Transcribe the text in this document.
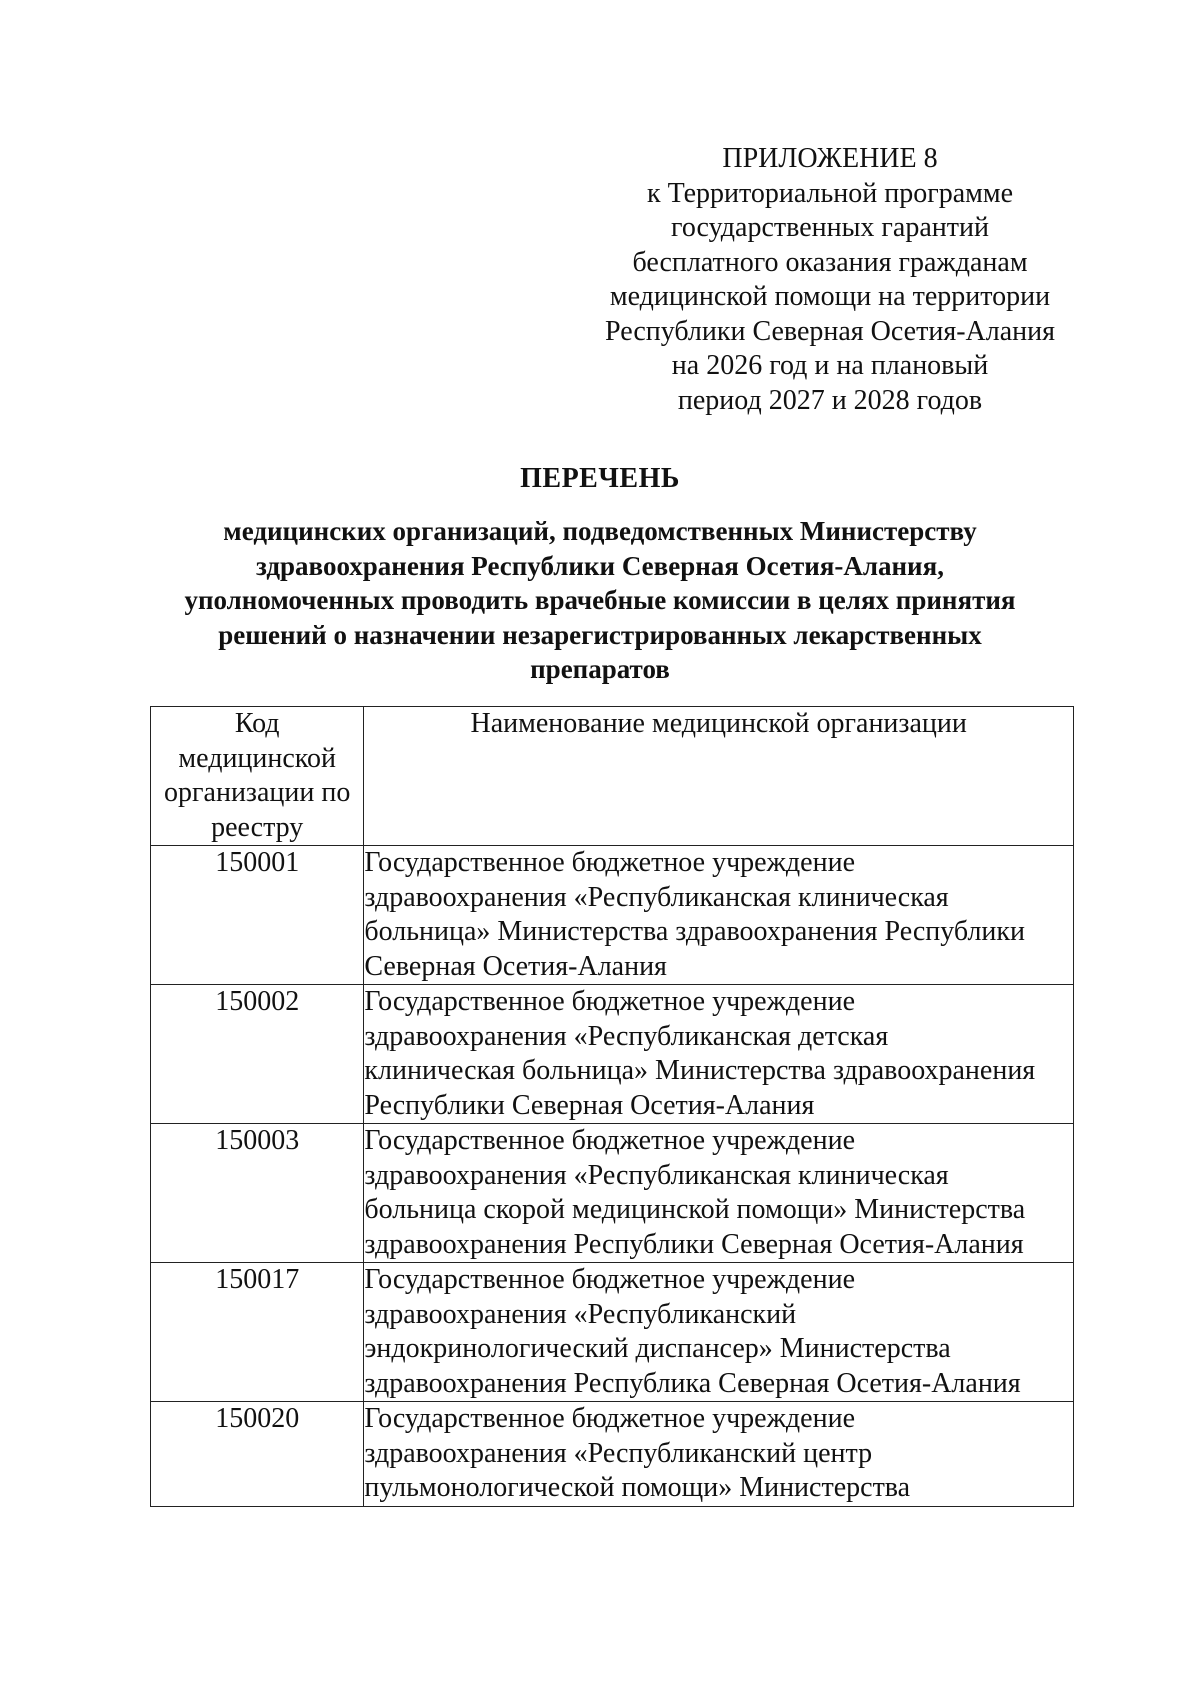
ПРИЛОЖЕНИЕ 8
к Территориальной программе
государственных гарантий
бесплатного оказания гражданам
медицинской помощи на территории
Республики Северная Осетия-Алания
на 2026 год и на плановый
период 2027 и 2028 годов
ПЕРЕЧЕНЬ
медицинских организаций, подведомственных Министерству
здравоохранения Республики Северная Осетия-Алания,
уполномоченных проводить врачебные комиссии в целях принятия
решений о назначении незарегистрированных лекарственных
препаратов
Код
медицинской
организации по
реестру	Наименование медицинской организации
150001	Государственное бюджетное учреждение
здравоохранения «Республиканская клиническая
больница» Министерства здравоохранения Республики
Северная Осетия-Алания

150002	Государственное бюджетное учреждение
здравоохранения «Республиканская детская
клиническая больница» Министерства здравоохранения
Республики Северная Осетия-Алания

150003	Государственное бюджетное учреждение
здравоохранения «Республиканская клиническая
больница скорой медицинской помощи» Министерства
здравоохранения Республики Северная Осетия-Алания

150017	Государственное бюджетное учреждение
здравоохранения «Республиканский
эндокринологический диспансер» Министерства
здравоохранения Республика Северная Осетия-Алания

150020	Государственное бюджетное учреждение
здравоохранения «Республиканский центр
пульмонологической помощи» Министерства
